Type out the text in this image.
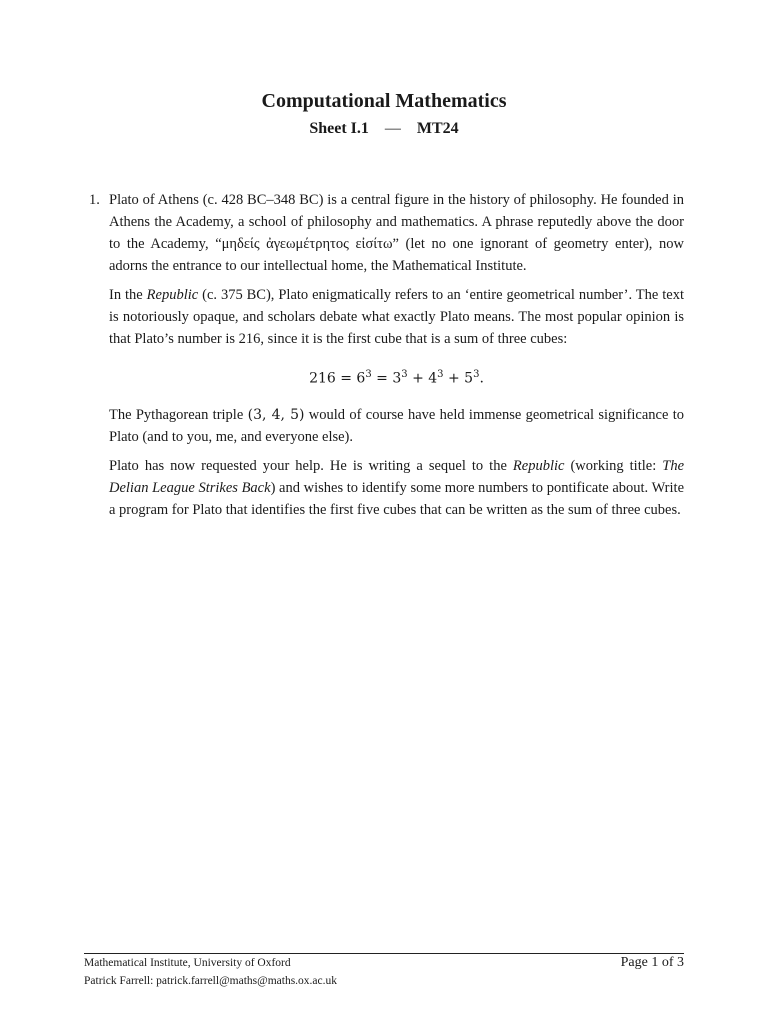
Computational Mathematics
Sheet I.1 — MT24
1. Plato of Athens (c. 428 BC–348 BC) is a central figure in the history of philosophy. He founded in Athens the Academy, a school of philosophy and mathematics. A phrase reputedly above the door to the Academy, “μηδείς ἀγεωμέτρητος εἰσίτω” (let no one ignorant of geometry enter), now adorns the entrance to our intellectual home, the Mathematical Institute.

In the Republic (c. 375 BC), Plato enigmatically refers to an ‘entire geometrical number’. The text is notoriously opaque, and scholars debate what exactly Plato means. The most popular opinion is that Plato’s number is 216, since it is the first cube that is a sum of three cubes:

$216 = 6^3 = 3^3 + 4^3 + 5^3$.

The Pythagorean triple (3, 4, 5) would of course have held immense geometrical significance to Plato (and to you, me, and everyone else).

Plato has now requested your help. He is writing a sequel to the Republic (working title: The Delian League Strikes Back) and wishes to identify some more numbers to pontificate about. Write a program for Plato that identifies the first five cubes that can be written as the sum of three cubes.

Mathematical Institute, University of Oxford
Patrick Farrell: patrick.farrell@maths@maths.ox.ac.uk
Page 1 of 3
